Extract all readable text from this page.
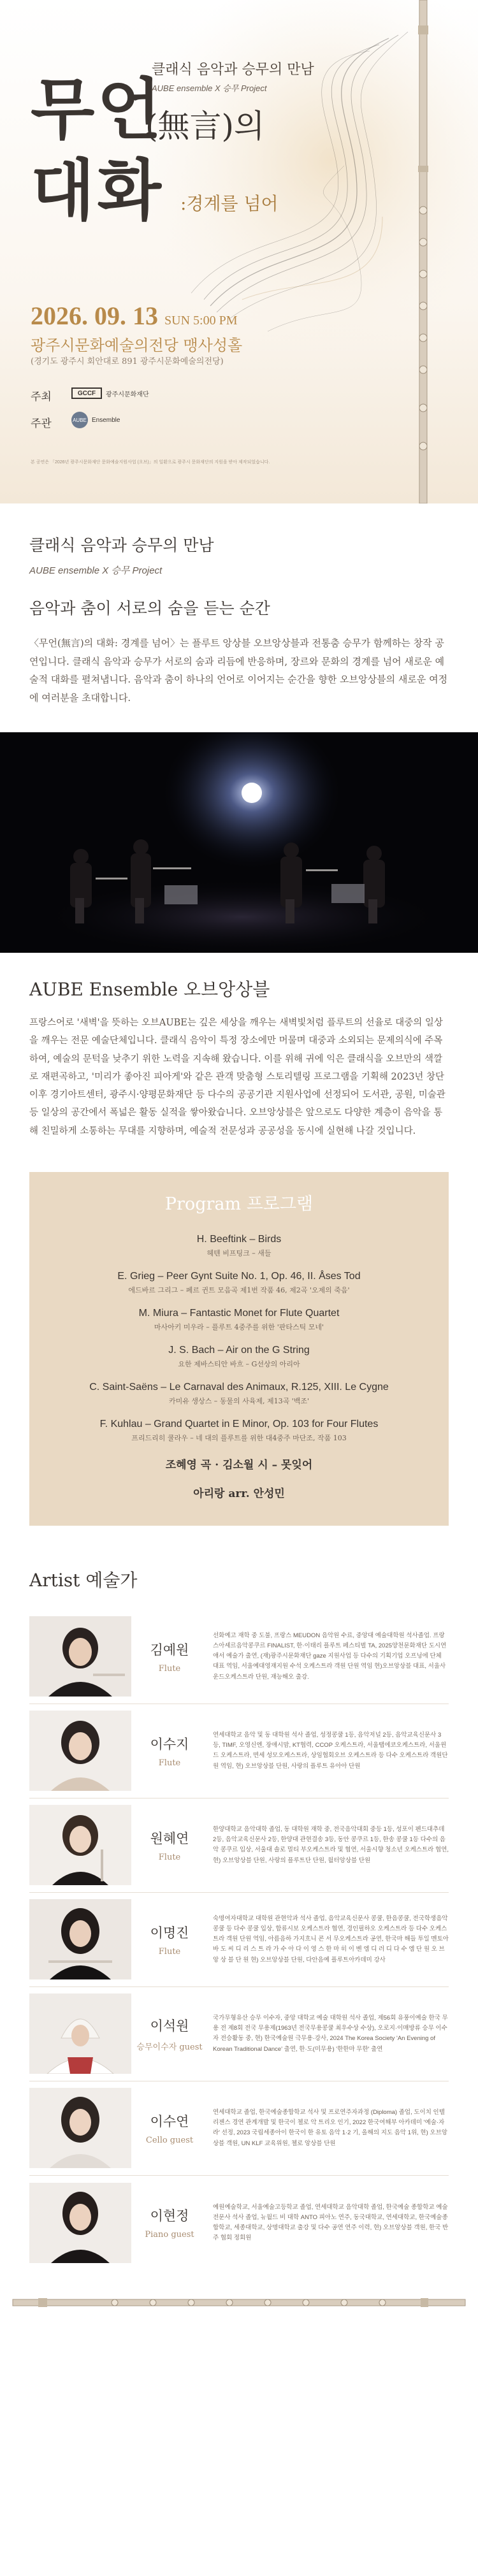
무언
대화
클래식 음악과 승무의 만남
AUBE ensemble X 승무 Project
(無言)의
:경계를 넘어
2026. 09. 13 SUN 5:00 PM
광주시문화예술의전당 맹사성홀
(경기도 광주시 회안대로 891 광주시문화예술의전당)
주최	GCCF	광주시문화재단
주관	AUBE Ensemble
본 공연은 「2026년 광주시문화재단 문화예술지원사업 (오브)」의 일환으로 광주시 문화재단의 지원을 받아 제작되었습니다.
클래식 음악과 승무의 만남
AUBE ensemble X 승무 Project
음악과 춤이 서로의 숨을 듣는 순간
〈무언(無言)의 대화: 경계를 넘어〉는 플루트 앙상블 오브앙상블과 전통춤 승무가 함께하는 창작 공연입니다. 클래식 음악과 승무가 서로의 숨과 리듬에 반응하며, 장르와 문화의 경계를 넘어 새로운 예술적 대화를 펼쳐냅니다. 음악과 춤이 하나의 언어로 이어지는 순간을 향한 오브앙상블의 새로운 여정에 여러분을 초대합니다.
AUBE Ensemble 오브앙상블
프랑스어로 '새벽'을 뜻하는 오브AUBE는 깊은 세상을 깨우는 새벽빛처럼 플루트의 선율로 대중의 일상을 깨우는 전문 예술단체입니다. 클래식 음악이 특정 장소에만 머물며 대중과 소외되는 문제의식에 주목하여, 예술의 문턱을 낮추기 위한 노력을 지속해 왔습니다. 이를 위해 귀에 익은 클래식을 오브만의 색깔로 재편곡하고, '미리가 좋아진 피아게'와 같은 관객 맞춤형 스토리텔링 프로그램을 기획해 2023년 창단 이후 경기아트센터, 광주시·양평문화재단 등 다수의 공공기관 지원사업에 선정되어 도서관, 공원, 미술관 등 일상의 공간에서 폭넓은 활동 실적을 쌓아왔습니다. 오브앙상블은 앞으로도 다양한 계층이 음악을 통해 친밀하게 소통하는 무대를 지향하며, 예술적 전문성과 공공성을 동시에 실현해 나갈 것입니다.
Program 프로그램
H. Beeftink – Birds
헤텐 비프팅크 – 새들
E. Grieg – Peer Gynt Suite No. 1, Op. 46, II. Åses Tod
에드바르 그리그 – 페르 귄트 모음곡 제1번 작품 46, 제2곡 '오제의 죽음'
M. Miura – Fantastic Monet for Flute Quartet
마사아키 미우라 – 플루트 4중주를 위한 '판타스틱 모네'
J. S. Bach – Air on the G String
요한 제바스티안 바흐 – G선상의 아리아
C. Saint-Saëns – Le Carnaval des Animaux, R.125, XIII. Le Cygne
카미유 생상스 – 동물의 사육제, 제13곡 '백조'
F. Kuhlau – Grand Quartet in E Minor, Op. 103 for Four Flutes
프리드리히 쿨라우 – 네 대의 플루트를 위한 대4중주 마단조, 작품 103
조혜영 곡 · 김소월 시 – 못잊어
아리랑 arr. 안성민
Artist 예술가
김예원
Flute
선화예고 재학 중 도불, 프랑스 MEUDON 음악원 수료, 중앙대 예술대학원 석사졸업. 프랑스아셰르음악콩쿠르 FINALIST, 한·이태리 플루트 페스티벌 TA, 2025양천문화재단 도시연애서 예술가 출연, (재)광주시문화재단 gaze 지원사업 등 다수의 기획기업 오프닝에 단체 대표 역임, 서울예대영재지원 수석 오케스트라 객원 단원 역임 현)오브앙상블 대표, 서울사운드오케스트라 단원, 재능해오 출강.
이수지
Flute
연세대학교 음악 및 동 대학원 석사 졸업, 성정콩쿨 1등, 음악저널 2등, 음악교육신문사 3등, TIMF, 오영신엔, 장애시맘, KT협력, CCOP 오케스트라, 서울탭에코오케스트라, 서울윈드 오케스트라, 면세 성모오케스트라, 상임협회오브 오케스트라 등 다수 오케스트라 객원단원 역임, 현) 오브앙상블 단원, 사랑의 플루트 유아아 단원
원혜연
Flute
한양대학교 음악대학 졸업, 동 대학원 재학 중, 전국음악대회 중등 1등, 성포이 펜드대추데 2등, 음악교육신문사 2등, 한양대 관현결송 3등, 동안 콩쿠르 1등, 한송 콩쿨 1등 다수의 음악 콩쿠르 입상, 서울대 솔로 멀티 부오케스트라 및 협연, 서울시향 청소년 오케스트라 협연, 현) 오브앙상블 단원, 사랑의 플루트단 단원, 월터앙상블 단원
이명진
Flute
숙명여자대학교 대학원 관현악과 석사 졸업, 음악교육신문사 콩쿨, 한음콩쿨, 전국학생음악 콩쿨 등 다수 콩쿨 입상, 합류시보 오케스트라 협연, 경인필하오 오케스트라 등 다수 오케스트라 객원 단원 역임, 아름음하 가지흐니 콘 서 무오케스트라 공연, 한국마 해들 투일 멘토아 바 도 씨 디 리 스 트 라 가 수 아 다 이 영 스 한 마 히 이 벤 엠 디 러 디 다 수 엠 단 원 오 브 앙 상 블 단 원 현) 오브앙상블 단원, 다안음예 플루트아카데미 강사
이석원
승무이수자 guest
국가무형유산 승무 이수자, 중앙 대학교 예술 대학원 석사 졸업, 제56회 유풍이예술 한국 무용 전 제8회 전국 무용제(1963년 전국무용콩쿨 최우수상 수상), 오로지·이매방류 승무 이수자 전승활동 중, 현) 한국예술원 극무용·강사, 2024 The Korea Society 'An Evening of Korean Traditional Dance' 출연, 한·도(미무용) '한한마 무한' 출연
이수연
Cello guest
연세대학교 졸업, 한국예술종합학교 석사 및 프로연주자과정 (Diploma) 졸업, 도이치 인텔리젠스 경연 관계개발 및 한국이 첼로 악 트리오 인기, 2022 한국여해부 아카데미 '예술·자라' 선정, 2023 국립세종아이 한국이 한 유토 음악 1·2 기, 올해의 지도 음악 1위, 현) 오브앙상블 객원, UN KLF 교육위원, 첼로 앙상블 단원
이현정
Piano guest
예원예술학교, 서울예술고등학교 졸업, 연세대학교 음악대학 졸업, 한국예술 종합학교 예술전문사 석사 졸업, 뉴월드 비 대학 ANTO 피아노 연주, 동국대학교, 연세대학교, 한국예술종합학교, 세종대학교, 상명대학교 출강 및 다수 공연 연주 이력, 현) 오브앙상블 객원, 한국 반주 협회 정회원
